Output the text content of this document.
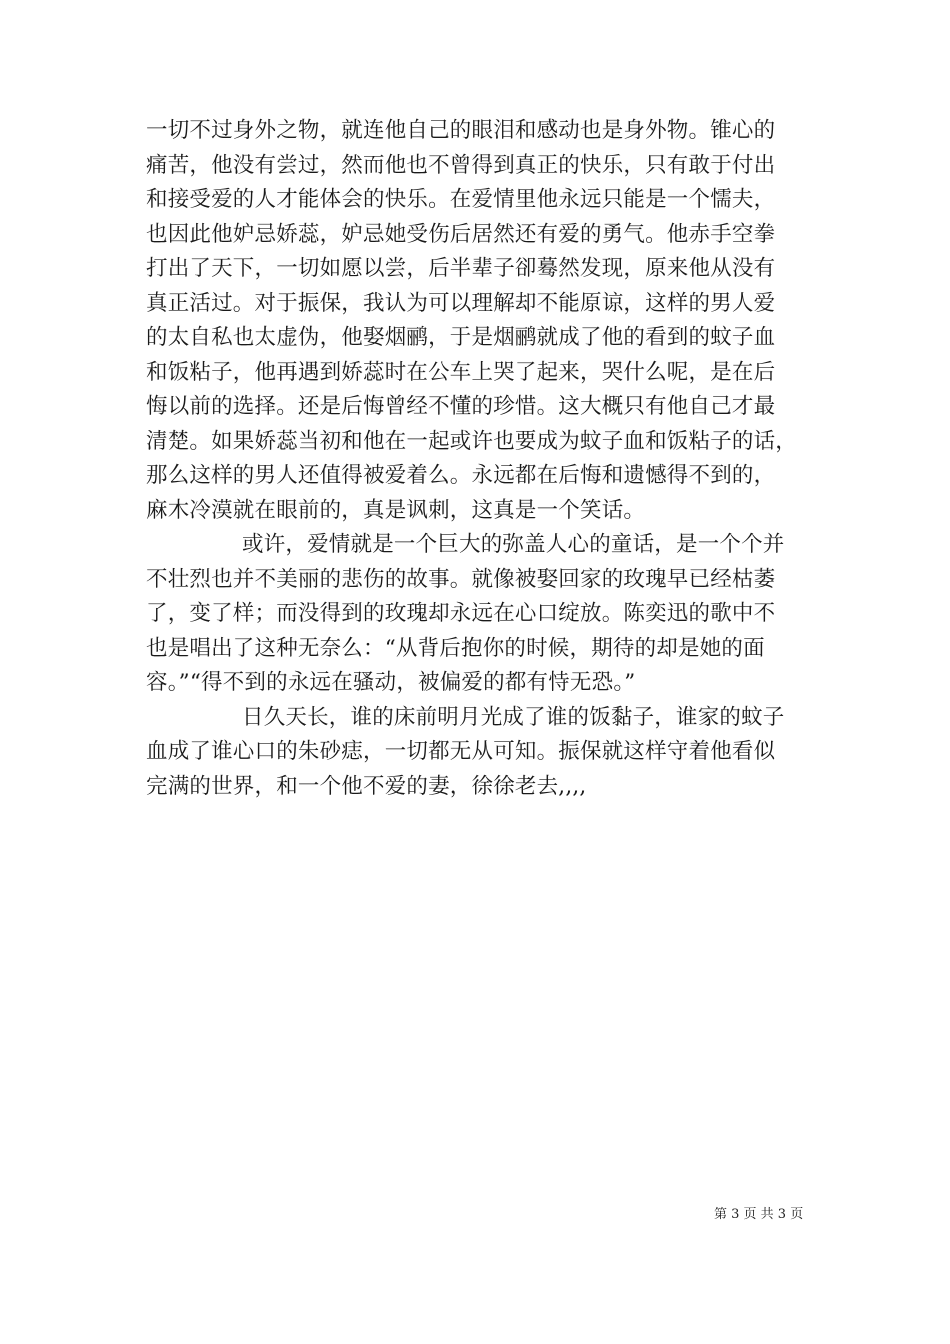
一切不过身外之物，就连他自己的眼泪和感动也是身外物。锥心的
痛苦，他没有尝过，然而他也不曾得到真正的快乐，只有敢于付出
和接受爱的人才能体会的快乐。在爱情里他永远只能是一个懦夫，
也因此他妒忌娇蕊，妒忌她受伤后居然还有爱的勇气。他赤手空拳
打出了天下，一切如愿以尝，后半辈子卻蓦然发现，原来他从没有
真正活过。对于振保，我认为可以理解却不能原谅，这样的男人爱
的太自私也太虚伪，他娶烟鹂，于是烟鹂就成了他的看到的蚊子血
和饭粘子，他再遇到娇蕊时在公车上哭了起来，哭什么呢，是在后
悔以前的选择。还是后悔曾经不懂的珍惜。这大概只有他自己才最
清楚。如果娇蕊当初和他在一起或许也要成为蚊子血和饭粘子的话，
那么这样的男人还值得被爱着么。永远都在后悔和遗憾得不到的，
麻木冷漠就在眼前的，真是讽刺，这真是一个笑话。
或许，爱情就是一个巨大的弥盖人心的童话，是一个个并
不壮烈也并不美丽的悲伤的故事。就像被娶回家的玫瑰早已经枯萎
了，变了样；而没得到的玫瑰却永远在心口绽放。陈奕迅的歌中不
也是唱出了这种无奈么：“从背后抱你的时候，期待的却是她的面
容。”“得不到的永远在骚动，被偏爱的都有恃无恐。”
日久天长，谁的床前明月光成了谁的饭黏子，谁家的蚊子
血成了谁心口的朱砂痣，一切都无从可知。振保就这样守着他看似
完满的世界，和一个他不爱的妻，徐徐老去,,,,
第 3 页 共 3 页
